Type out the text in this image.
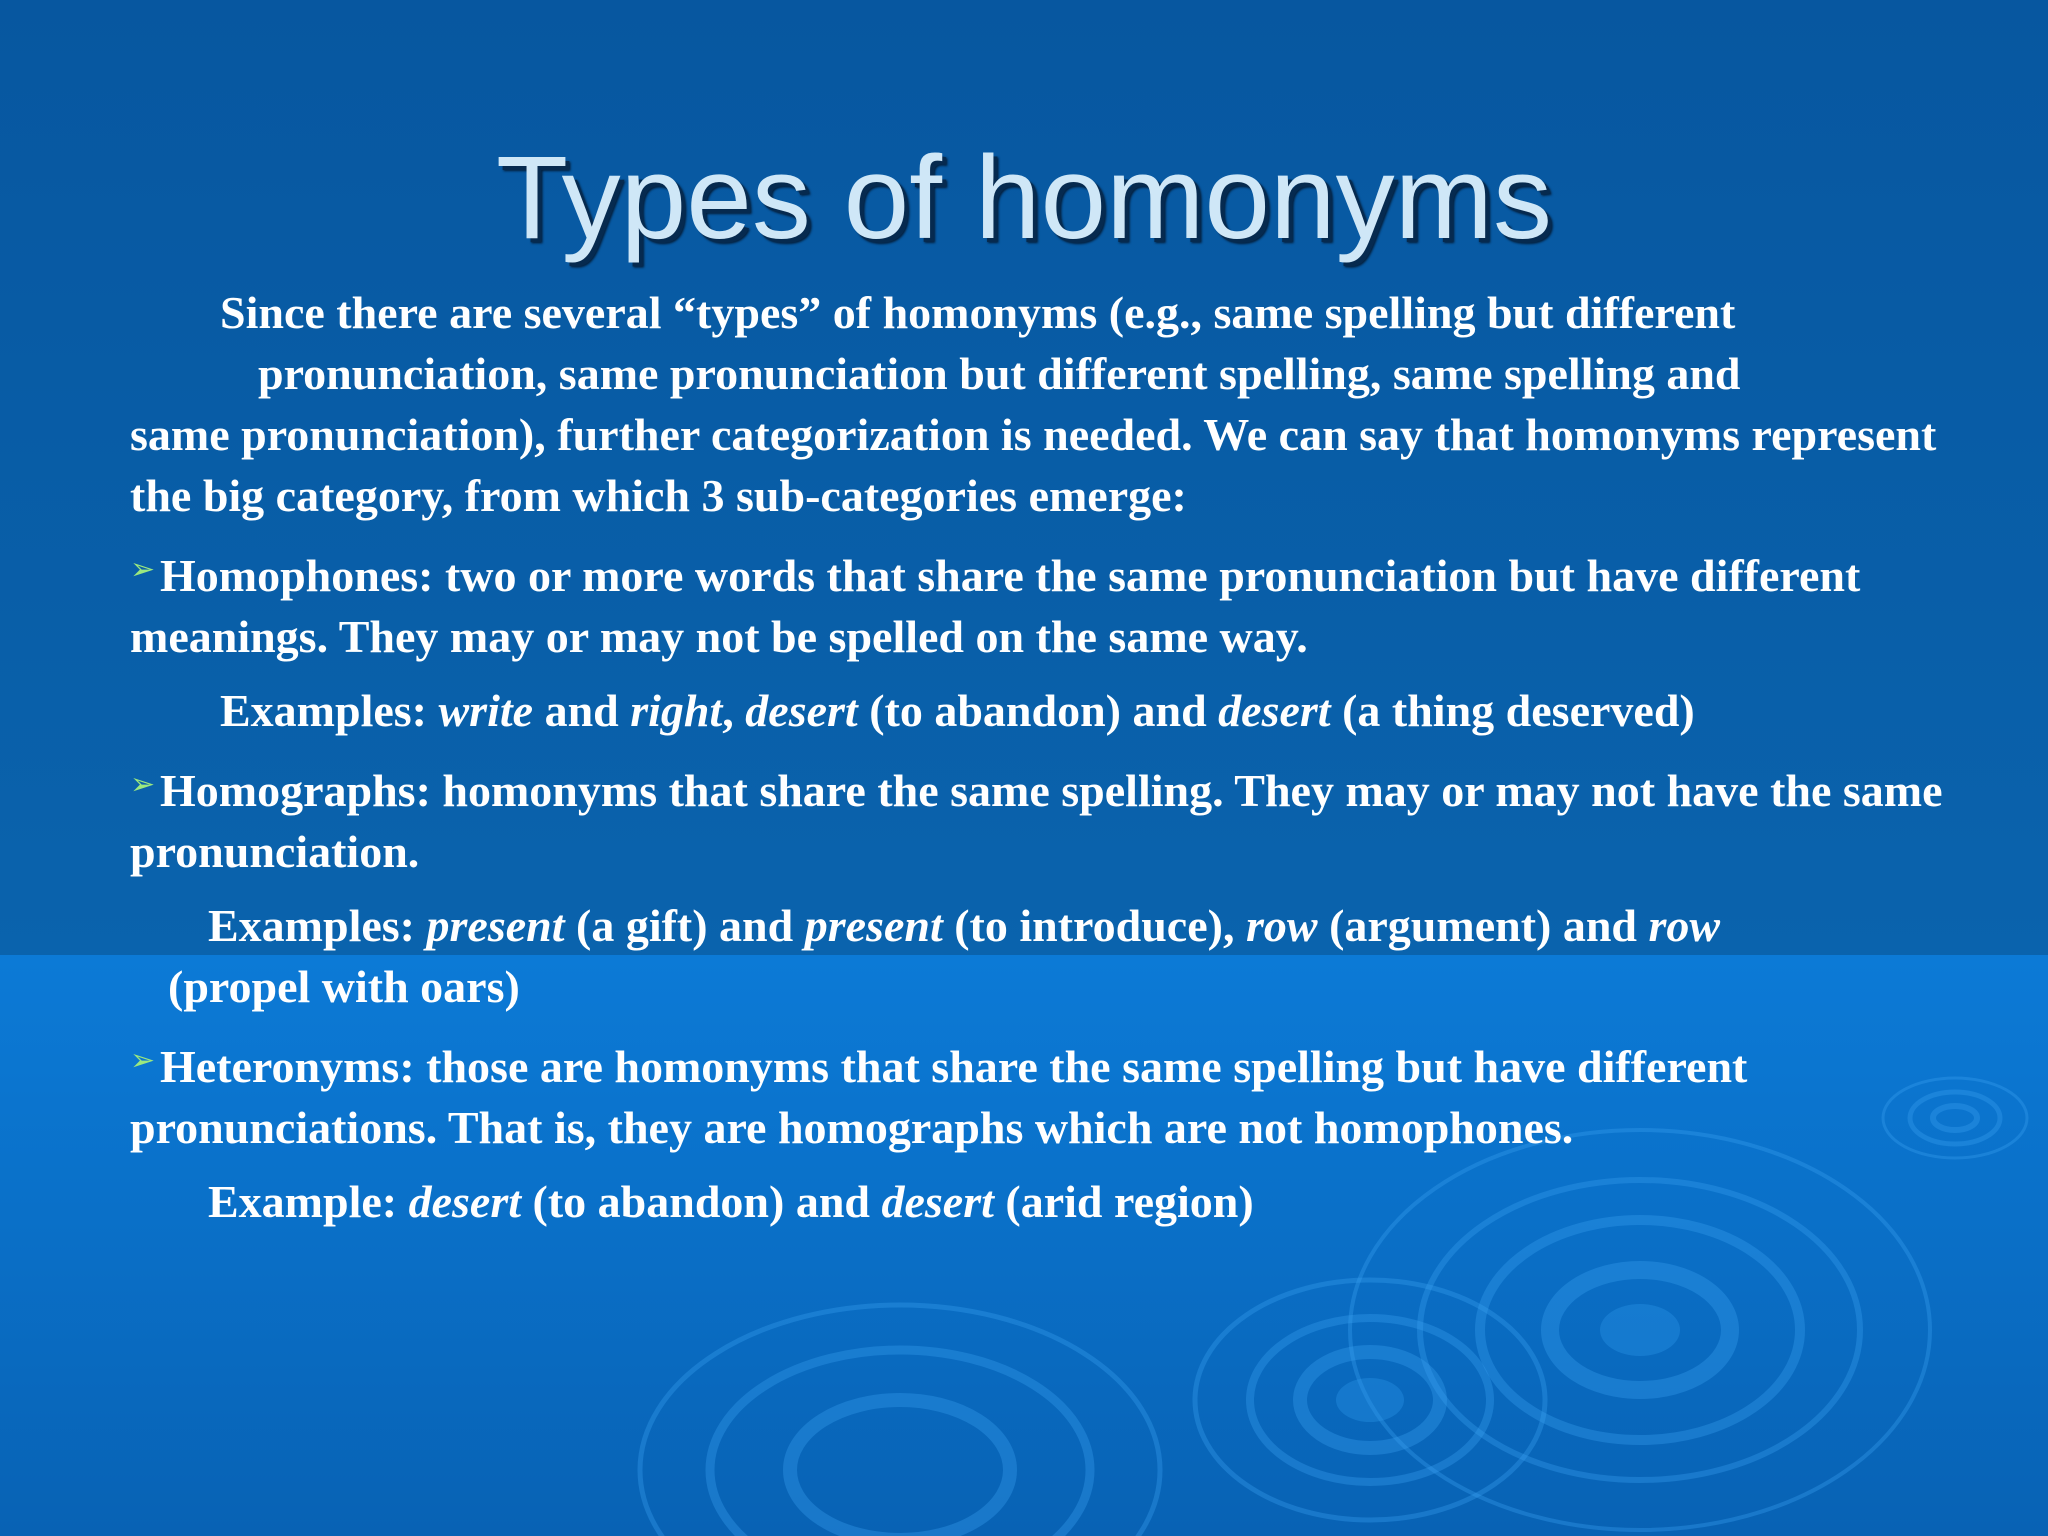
Types of homonyms

Since there are several “types” of homonyms (e.g., same spelling but different
pronunciation, same pronunciation but different spelling, same spelling and
same pronunciation), further categorization is needed. We can say that homonyms represent the big category, from which 3 sub-categories emerge:

➢ Homophones: two or more words that share the same pronunciation but have different meanings. They may or may not be spelled on the same way.

Examples: write and right, desert (to abandon) and desert (a thing deserved)

➢ Homographs: homonyms that share the same spelling. They may or may not have the same pronunciation.

Examples: present (a gift) and present (to introduce), row (argument) and row
(propel with oars)

➢ Heteronyms: those are homonyms that share the same spelling but have different pronunciations. That is, they are homographs which are not homophones.

Example: desert (to abandon) and desert (arid region)
